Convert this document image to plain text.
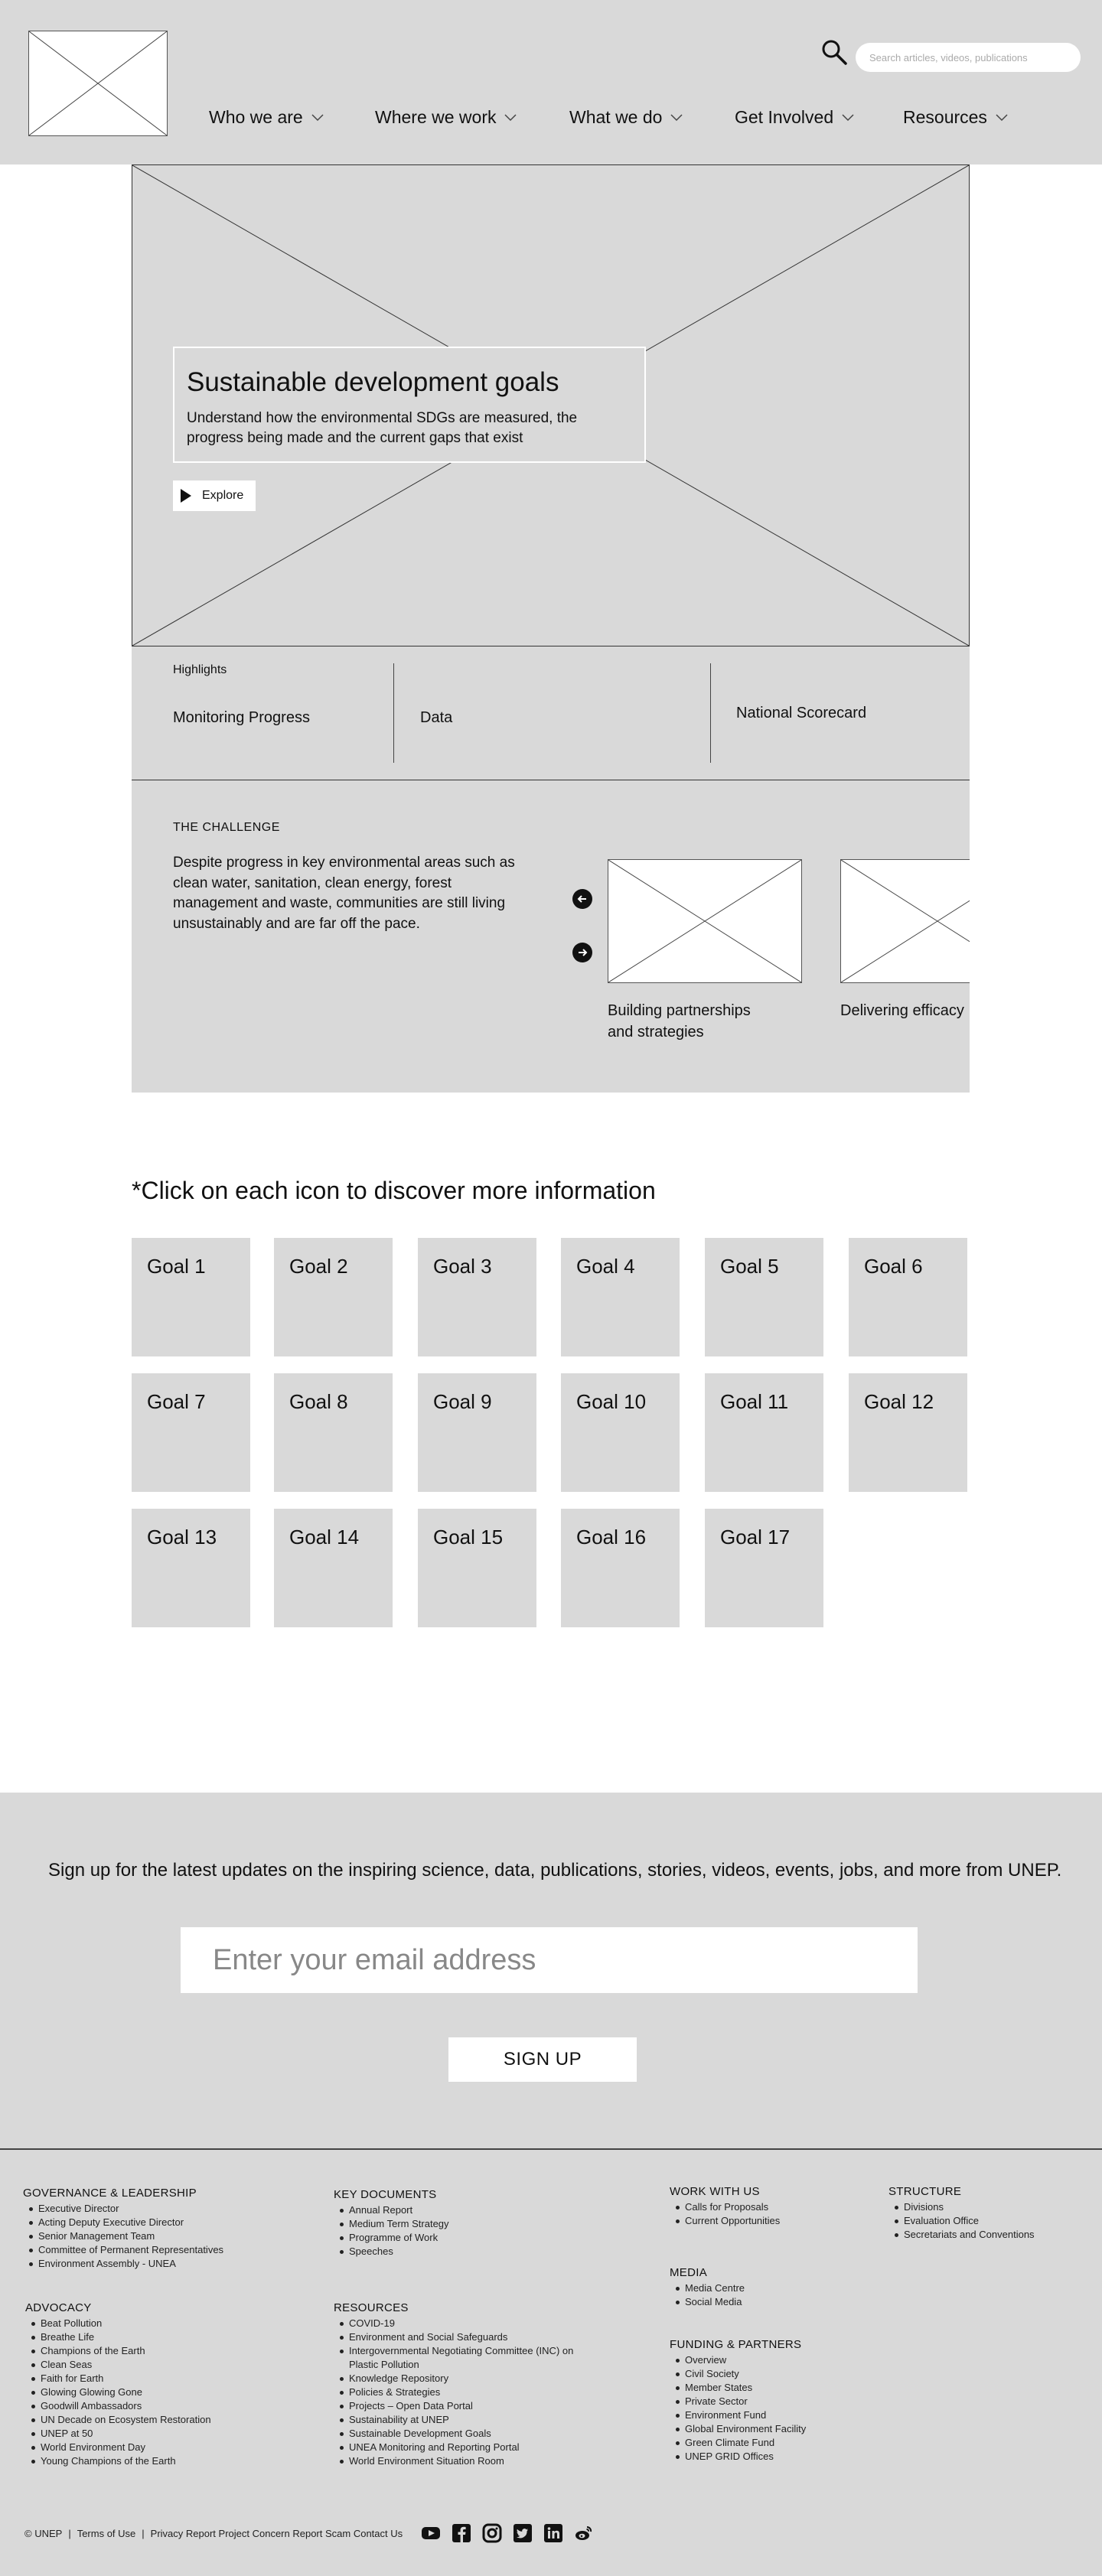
Search articles, videos, publications
Who we are	Where we work	What we do	Get Involved	Resources
Sustainable development goals
Understand how the environmental SDGs are measured, the progress being made and the current gaps that exist
Explore
Highlights
Monitoring Progress	Data	National Scorecard
THE CHALLENGE
Despite progress in key environmental areas such as clean water, sanitation, clean energy, forest management and waste, communities are still living unsustainably and are far off the pace.
Building partnerships
and strategies
Delivering efficacy
*Click on each icon to discover more information
Goal 1	Goal 2	Goal 3	Goal 4	Goal 5	Goal 6
Goal 7	Goal 8	Goal 9	Goal 10	Goal 11	Goal 12
Goal 13	Goal 14	Goal 15	Goal 16	Goal 17
Sign up for the latest updates on the inspiring science, data, publications, stories, videos, events, jobs, and more from UNEP.
Enter your email address
SIGN UP
GOVERNANCE & LEADERSHIP
Executive Director
Acting Deputy Executive Director
Senior Management Team
Committee of Permanent Representatives
Environment Assembly - UNEA
KEY DOCUMENTS
Annual Report
Medium Term Strategy
Programme of Work
Speeches
WORK WITH US
Calls for Proposals
Current Opportunities
STRUCTURE
Divisions
Evaluation Office
Secretariats and Conventions
ADVOCACY
Beat Pollution
Breathe Life
Champions of the Earth
Clean Seas
Faith for Earth
Glowing Glowing Gone
Goodwill Ambassadors
UN Decade on Ecosystem Restoration
UNEP at 50
World Environment Day
Young Champions of the Earth
RESOURCES
COVID-19
Environment and Social Safeguards
Intergovernmental Negotiating Committee (INC) on Plastic Pollution
Knowledge Repository
Policies & Strategies
Projects – Open Data Portal
Sustainability at UNEP
Sustainable Development Goals
UNEA Monitoring and Reporting Portal
World Environment Situation Room
MEDIA
Media Centre
Social Media
FUNDING & PARTNERS
Overview
Civil Society
Member States
Private Sector
Environment Fund
Global Environment Facility
Green Climate Fund
UNEP GRID Offices
© UNEP | Terms of Use | Privacy Report Project Concern Report Scam Contact Us
